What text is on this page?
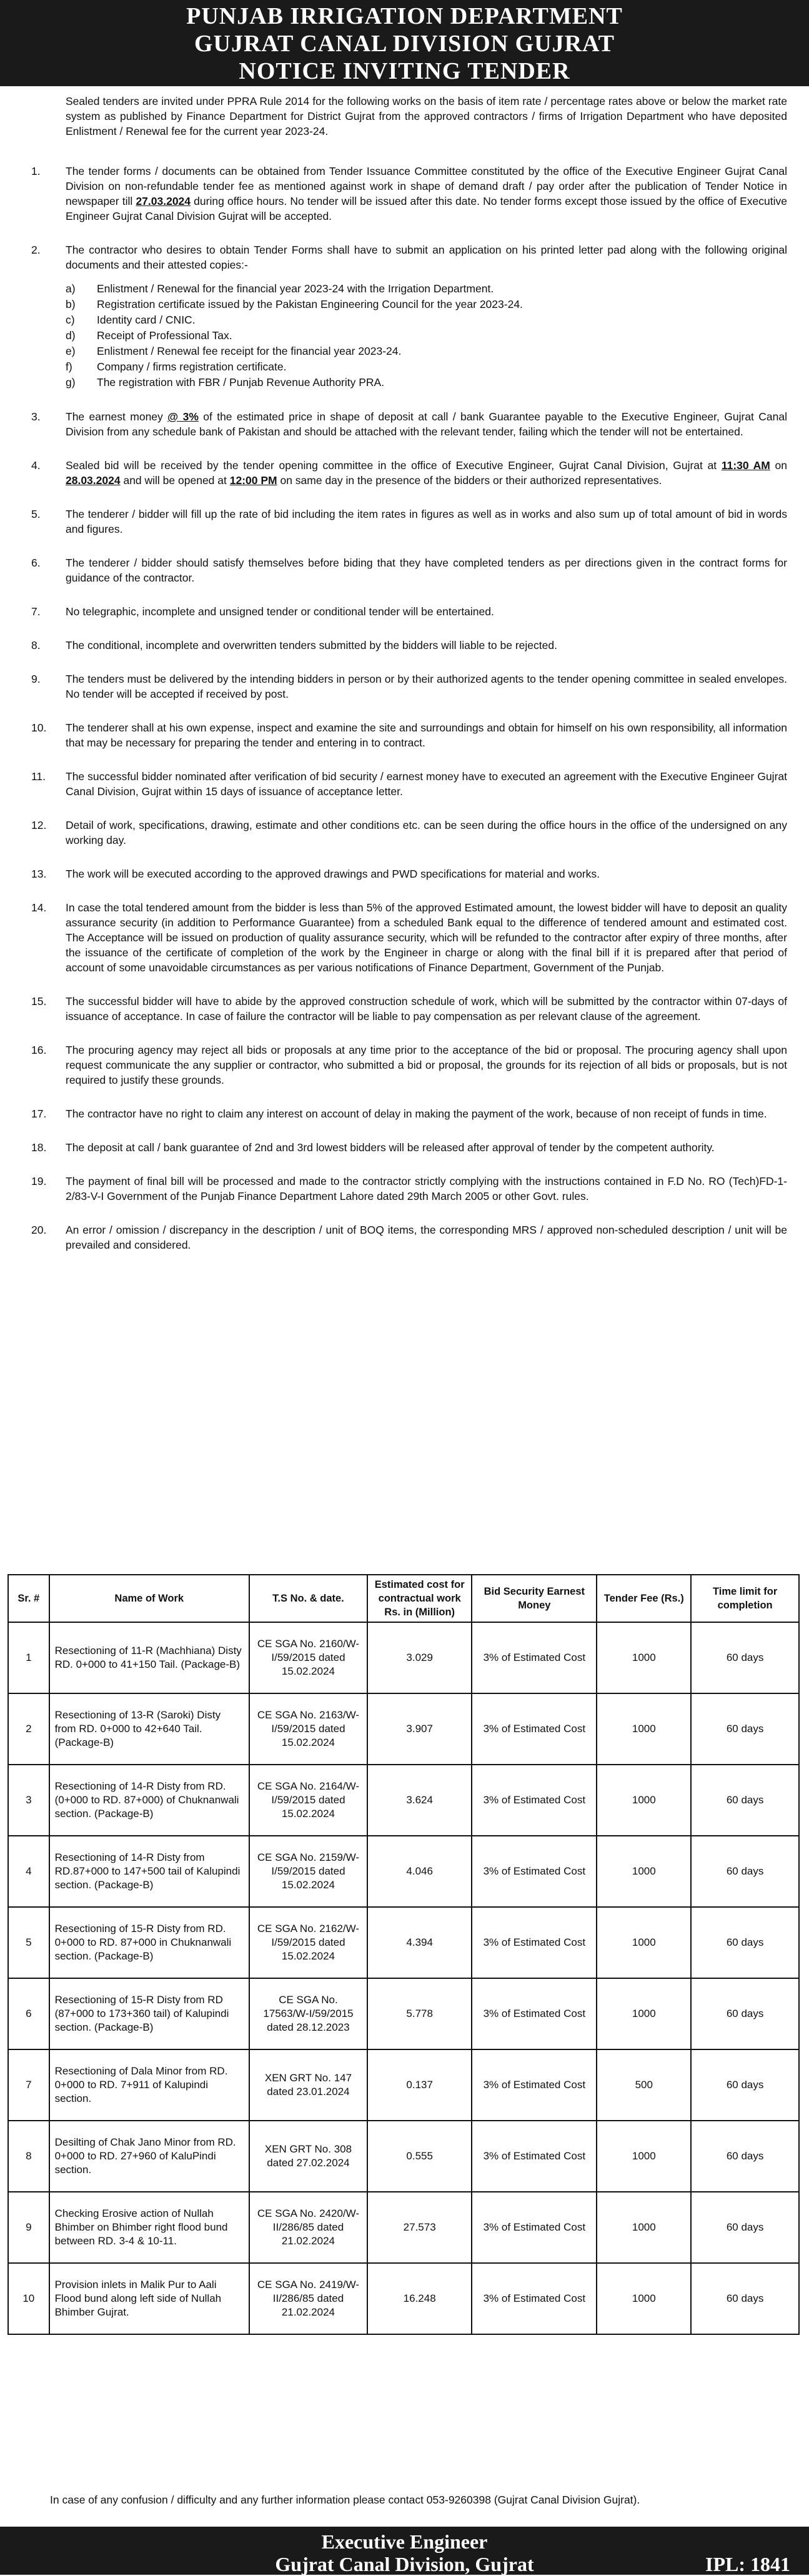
PUNJAB IRRIGATION DEPARTMENT
GUJRAT CANAL DIVISION GUJRAT
NOTICE INVITING TENDER

Sealed tenders are invited under PPRA Rule 2014 for the following works on the basis of item rate / percentage rates above or below the market rate system as published by Finance Department for District Gujrat from the approved contractors / firms of Irrigation Department who have deposited Enlistment / Renewal fee for the current year 2023-24.

1.	The tender forms / documents can be obtained from Tender Issuance Committee constituted by the office of the Executive Engineer Gujrat Canal Division on non-refundable tender fee as mentioned against work in shape of demand draft / pay order after the publication of Tender Notice in newspaper till 27.03.2024 during office hours. No tender will be issued after this date. No tender forms except those issued by the office of Executive Engineer Gujrat Canal Division Gujrat will be accepted.
2.	The contractor who desires to obtain Tender Forms shall have to submit an application on his printed letter pad along with the following original documents and their attested copies:-
a)	Enlistment / Renewal for the financial year 2023-24 with the Irrigation Department.
b)	Registration certificate issued by the Pakistan Engineering Council for the year 2023-24.
c)	Identity card / CNIC.
d)	Receipt of Professional Tax.
e)	Enlistment / Renewal fee receipt for the financial year 2023-24.
f)	Company / firms registration certificate.
g)	The registration with FBR / Punjab Revenue Authority PRA.
3.	The earnest money @ 3% of the estimated price in shape of deposit at call / bank Guarantee payable to the Executive Engineer, Gujrat Canal Division from any schedule bank of Pakistan and should be attached with the relevant tender, failing which the tender will not be entertained.
4.	Sealed bid will be received by the tender opening committee in the office of Executive Engineer, Gujrat Canal Division, Gujrat at 11:30 AM on 28.03.2024 and will be opened at 12:00 PM on same day in the presence of the bidders or their authorized representatives.
5.	The tenderer / bidder will fill up the rate of bid including the item rates in figures as well as in works and also sum up of total amount of bid in words and figures.
6.	The tenderer / bidder should satisfy themselves before biding that they have completed tenders as per directions given in the contract forms for guidance of the contractor.
7.	No telegraphic, incomplete and unsigned tender or conditional tender will be entertained.
8.	The conditional, incomplete and overwritten tenders submitted by the bidders will liable to be rejected.
9.	The tenders must be delivered by the intending bidders in person or by their authorized agents to the tender opening committee in sealed envelopes. No tender will be accepted if received by post.
10.	The tenderer shall at his own expense, inspect and examine the site and surroundings and obtain for himself on his own responsibility, all information that may be necessary for preparing the tender and entering in to contract.
11.	The successful bidder nominated after verification of bid security / earnest money have to executed an agreement with the Executive Engineer Gujrat Canal Division, Gujrat within 15 days of issuance of acceptance letter.
12.	Detail of work, specifications, drawing, estimate and other conditions etc. can be seen during the office hours in the office of the undersigned on any working day.
13.	The work will be executed according to the approved drawings and PWD specifications for material and works.
14.	In case the total tendered amount from the bidder is less than 5% of the approved Estimated amount, the lowest bidder will have to deposit an quality assurance security (in addition to Performance Guarantee) from a scheduled Bank equal to the difference of tendered amount and estimated cost. The Acceptance will be issued on production of quality assurance security, which will be refunded to the contractor after expiry of three months, after the issuance of the certificate of completion of the work by the Engineer in charge or along with the final bill if it is prepared after that period of account of some unavoidable circumstances as per various notifications of Finance Department, Government of the Punjab.
15.	The successful bidder will have to abide by the approved construction schedule of work, which will be submitted by the contractor within 07-days of issuance of acceptance. In case of failure the contractor will be liable to pay compensation as per relevant clause of the agreement.
16.	The procuring agency may reject all bids or proposals at any time prior to the acceptance of the bid or proposal. The procuring agency shall upon request communicate the any supplier or contractor, who submitted a bid or proposal, the grounds for its rejection of all bids or proposals, but is not required to justify these grounds.
17.	The contractor have no right to claim any interest on account of delay in making the payment of the work, because of non receipt of funds in time.
18.	The deposit at call / bank guarantee of 2nd and 3rd lowest bidders will be released after approval of tender by the competent authority.
19.	The payment of final bill will be processed and made to the contractor strictly complying with the instructions contained in F.D No. RO (Tech)FD-1-2/83-V-I Government of the Punjab Finance Department Lahore dated 29th March 2005 or other Govt. rules.
20.	An error / omission / discrepancy in the description / unit of BOQ items, the corresponding MRS / approved non-scheduled description / unit will be prevailed and considered.
Sr. #	Name of Work	T.S No. & date.	Estimated cost for contractual work Rs. in (Million)	Bid Security Earnest Money	Tender Fee (Rs.)	Time limit for completion
1	Resectioning of 11-R (Machhiana) Disty RD. 0+000 to 41+150 Tail. (Package-B)	CE SGA No. 2160/W-I/59/2015 dated 15.02.2024	3.029	3% of Estimated Cost	1000	60 days
2	Resectioning of 13-R (Saroki) Disty from RD. 0+000 to 42+640 Tail. (Package-B)	CE SGA No. 2163/W-I/59/2015 dated 15.02.2024	3.907	3% of Estimated Cost	1000	60 days
3	Resectioning of 14-R Disty from RD. (0+000 to RD. 87+000) of Chuknanwali section. (Package-B)	CE SGA No. 2164/W-I/59/2015 dated 15.02.2024	3.624	3% of Estimated Cost	1000	60 days
4	Resectioning of 14-R Disty from RD.87+000 to 147+500 tail of Kalupindi section. (Package-B)	CE SGA No. 2159/W-I/59/2015 dated 15.02.2024	4.046	3% of Estimated Cost	1000	60 days
5	Resectioning of 15-R Disty from RD. 0+000 to RD. 87+000 in Chuknanwali section. (Package-B)	CE SGA No. 2162/W-I/59/2015 dated 15.02.2024	4.394	3% of Estimated Cost	1000	60 days
6	Resectioning of 15-R Disty from RD (87+000 to 173+360 tail) of Kalupindi section. (Package-B)	CE SGA No. 17563/W-I/59/2015 dated 28.12.2023	5.778	3% of Estimated Cost	1000	60 days
7	Resectioning of Dala Minor from RD. 0+000 to RD. 7+911 of Kalupindi section.	XEN GRT No. 147 dated 23.01.2024	0.137	3% of Estimated Cost	500	60 days
8	Desilting of Chak Jano Minor from RD. 0+000 to RD. 27+960 of KaluPindi section.	XEN GRT No. 308 dated 27.02.2024	0.555	3% of Estimated Cost	1000	60 days
9	Checking Erosive action of Nullah Bhimber on Bhimber right flood bund between RD. 3-4 & 10-11.	CE SGA No. 2420/W-II/286/85 dated 21.02.2024	27.573	3% of Estimated Cost	1000	60 days
10	Provision inlets in Malik Pur to Aali Flood bund along left side of Nullah Bhimber Gujrat.	CE SGA No. 2419/W-II/286/85 dated 21.02.2024	16.248	3% of Estimated Cost	1000	60 days
In case of any confusion / difficulty and any further information please contact 053-9260398 (Gujrat Canal Division Gujrat).
Executive Engineer
Gujrat Canal Division, Gujrat	IPL: 1841
